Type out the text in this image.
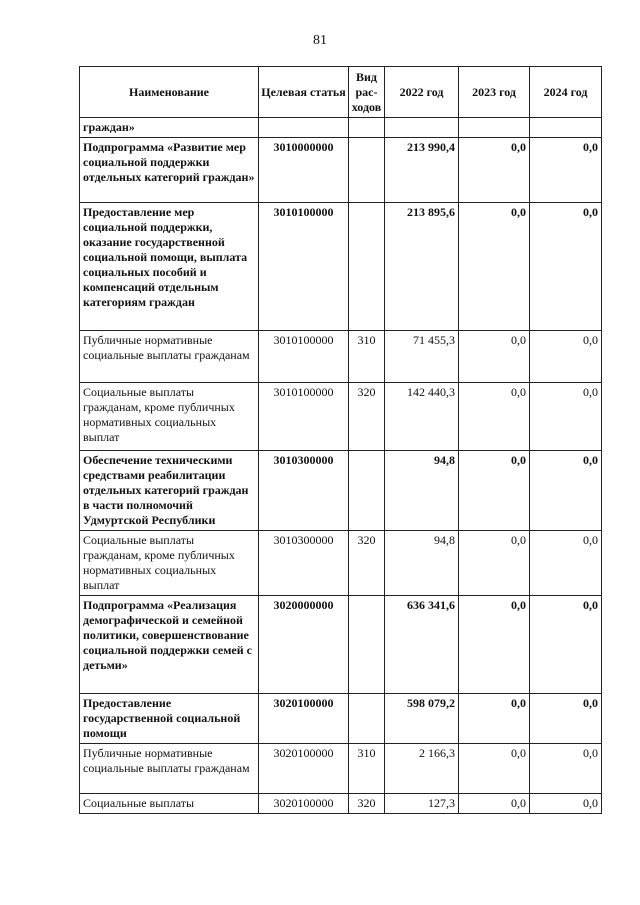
81
Наименование	Целевая статья	Вид рас-ходов	2022 год	2023 год	2024 год
граждан»					
Подпрограмма «Развитие мер социальной поддержки отдельных категорий граждан»	3010000000		213 990,4	0,0	0,0
Предоставление мер социальной поддержки, оказание государственной социальной помощи, выплата социальных пособий и компенсаций отдельным категориям граждан	3010100000		213 895,6	0,0	0,0
Публичные нормативные социальные выплаты гражданам	3010100000	310	71 455,3	0,0	0,0
Социальные выплаты гражданам, кроме публичных нормативных социальных выплат	3010100000	320	142 440,3	0,0	0,0
Обеспечение техническими средствами реабилитации отдельных категорий граждан в части полномочий Удмуртской Республики	3010300000		94,8	0,0	0,0
Социальные выплаты гражданам, кроме публичных нормативных социальных выплат	3010300000	320	94,8	0,0	0,0
Подпрограмма «Реализация демографической и семейной политики, совершенствование социальной поддержки семей с детьми»	3020000000		636 341,6	0,0	0,0
Предоставление государственной социальной помощи	3020100000		598 079,2	0,0	0,0
Публичные нормативные социальные выплаты гражданам	3020100000	310	2 166,3	0,0	0,0
Социальные выплаты	3020100000	320	127,3	0,0	0,0
